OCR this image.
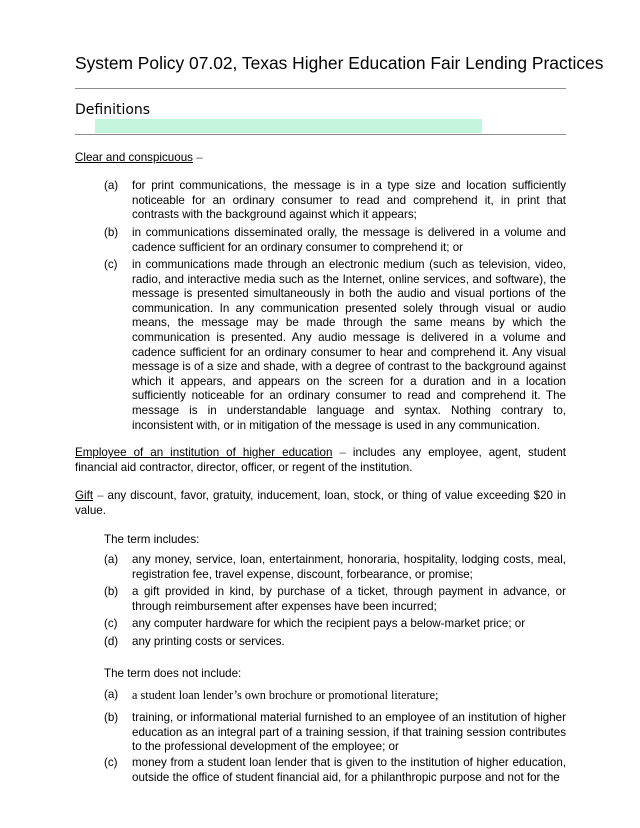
System Policy 07.02, Texas Higher Education Fair Lending Practices
Definitions
Clear and conspicuous –
(a) for print communications, the message is in a type size and location sufficiently noticeable for an ordinary consumer to read and comprehend it, in print that contrasts with the background against which it appears;
(b) in communications disseminated orally, the message is delivered in a volume and cadence sufficient for an ordinary consumer to comprehend it; or
(c) in communications made through an electronic medium (such as television, video, radio, and interactive media such as the Internet, online services, and software), the message is presented simultaneously in both the audio and visual portions of the communication. In any communication presented solely through visual or audio means, the message may be made through the same means by which the communication is presented. Any audio message is delivered in a volume and cadence sufficient for an ordinary consumer to hear and comprehend it. Any visual message is of a size and shade, with a degree of contrast to the background against which it appears, and appears on the screen for a duration and in a location sufficiently noticeable for an ordinary consumer to read and comprehend it. The message is in understandable language and syntax. Nothing contrary to, inconsistent with, or in mitigation of the message is used in any communication.
Employee of an institution of higher education – includes any employee, agent, student financial aid contractor, director, officer, or regent of the institution.
Gift – any discount, favor, gratuity, inducement, loan, stock, or thing of value exceeding $20 in value.
The term includes:
(a) any money, service, loan, entertainment, honoraria, hospitality, lodging costs, meal, registration fee, travel expense, discount, forbearance, or promise;
(b) a gift provided in kind, by purchase of a ticket, through payment in advance, or through reimbursement after expenses have been incurred;
(c) any computer hardware for which the recipient pays a below-market price; or
(d) any printing costs or services.
The term does not include:
(a) a student loan lender’s own brochure or promotional literature;
(b) training, or informational material furnished to an employee of an institution of higher education as an integral part of a training session, if that training session contributes to the professional development of the employee; or
(c) money from a student loan lender that is given to the institution of higher education, outside the office of student financial aid, for a philanthropic purpose and not for the
